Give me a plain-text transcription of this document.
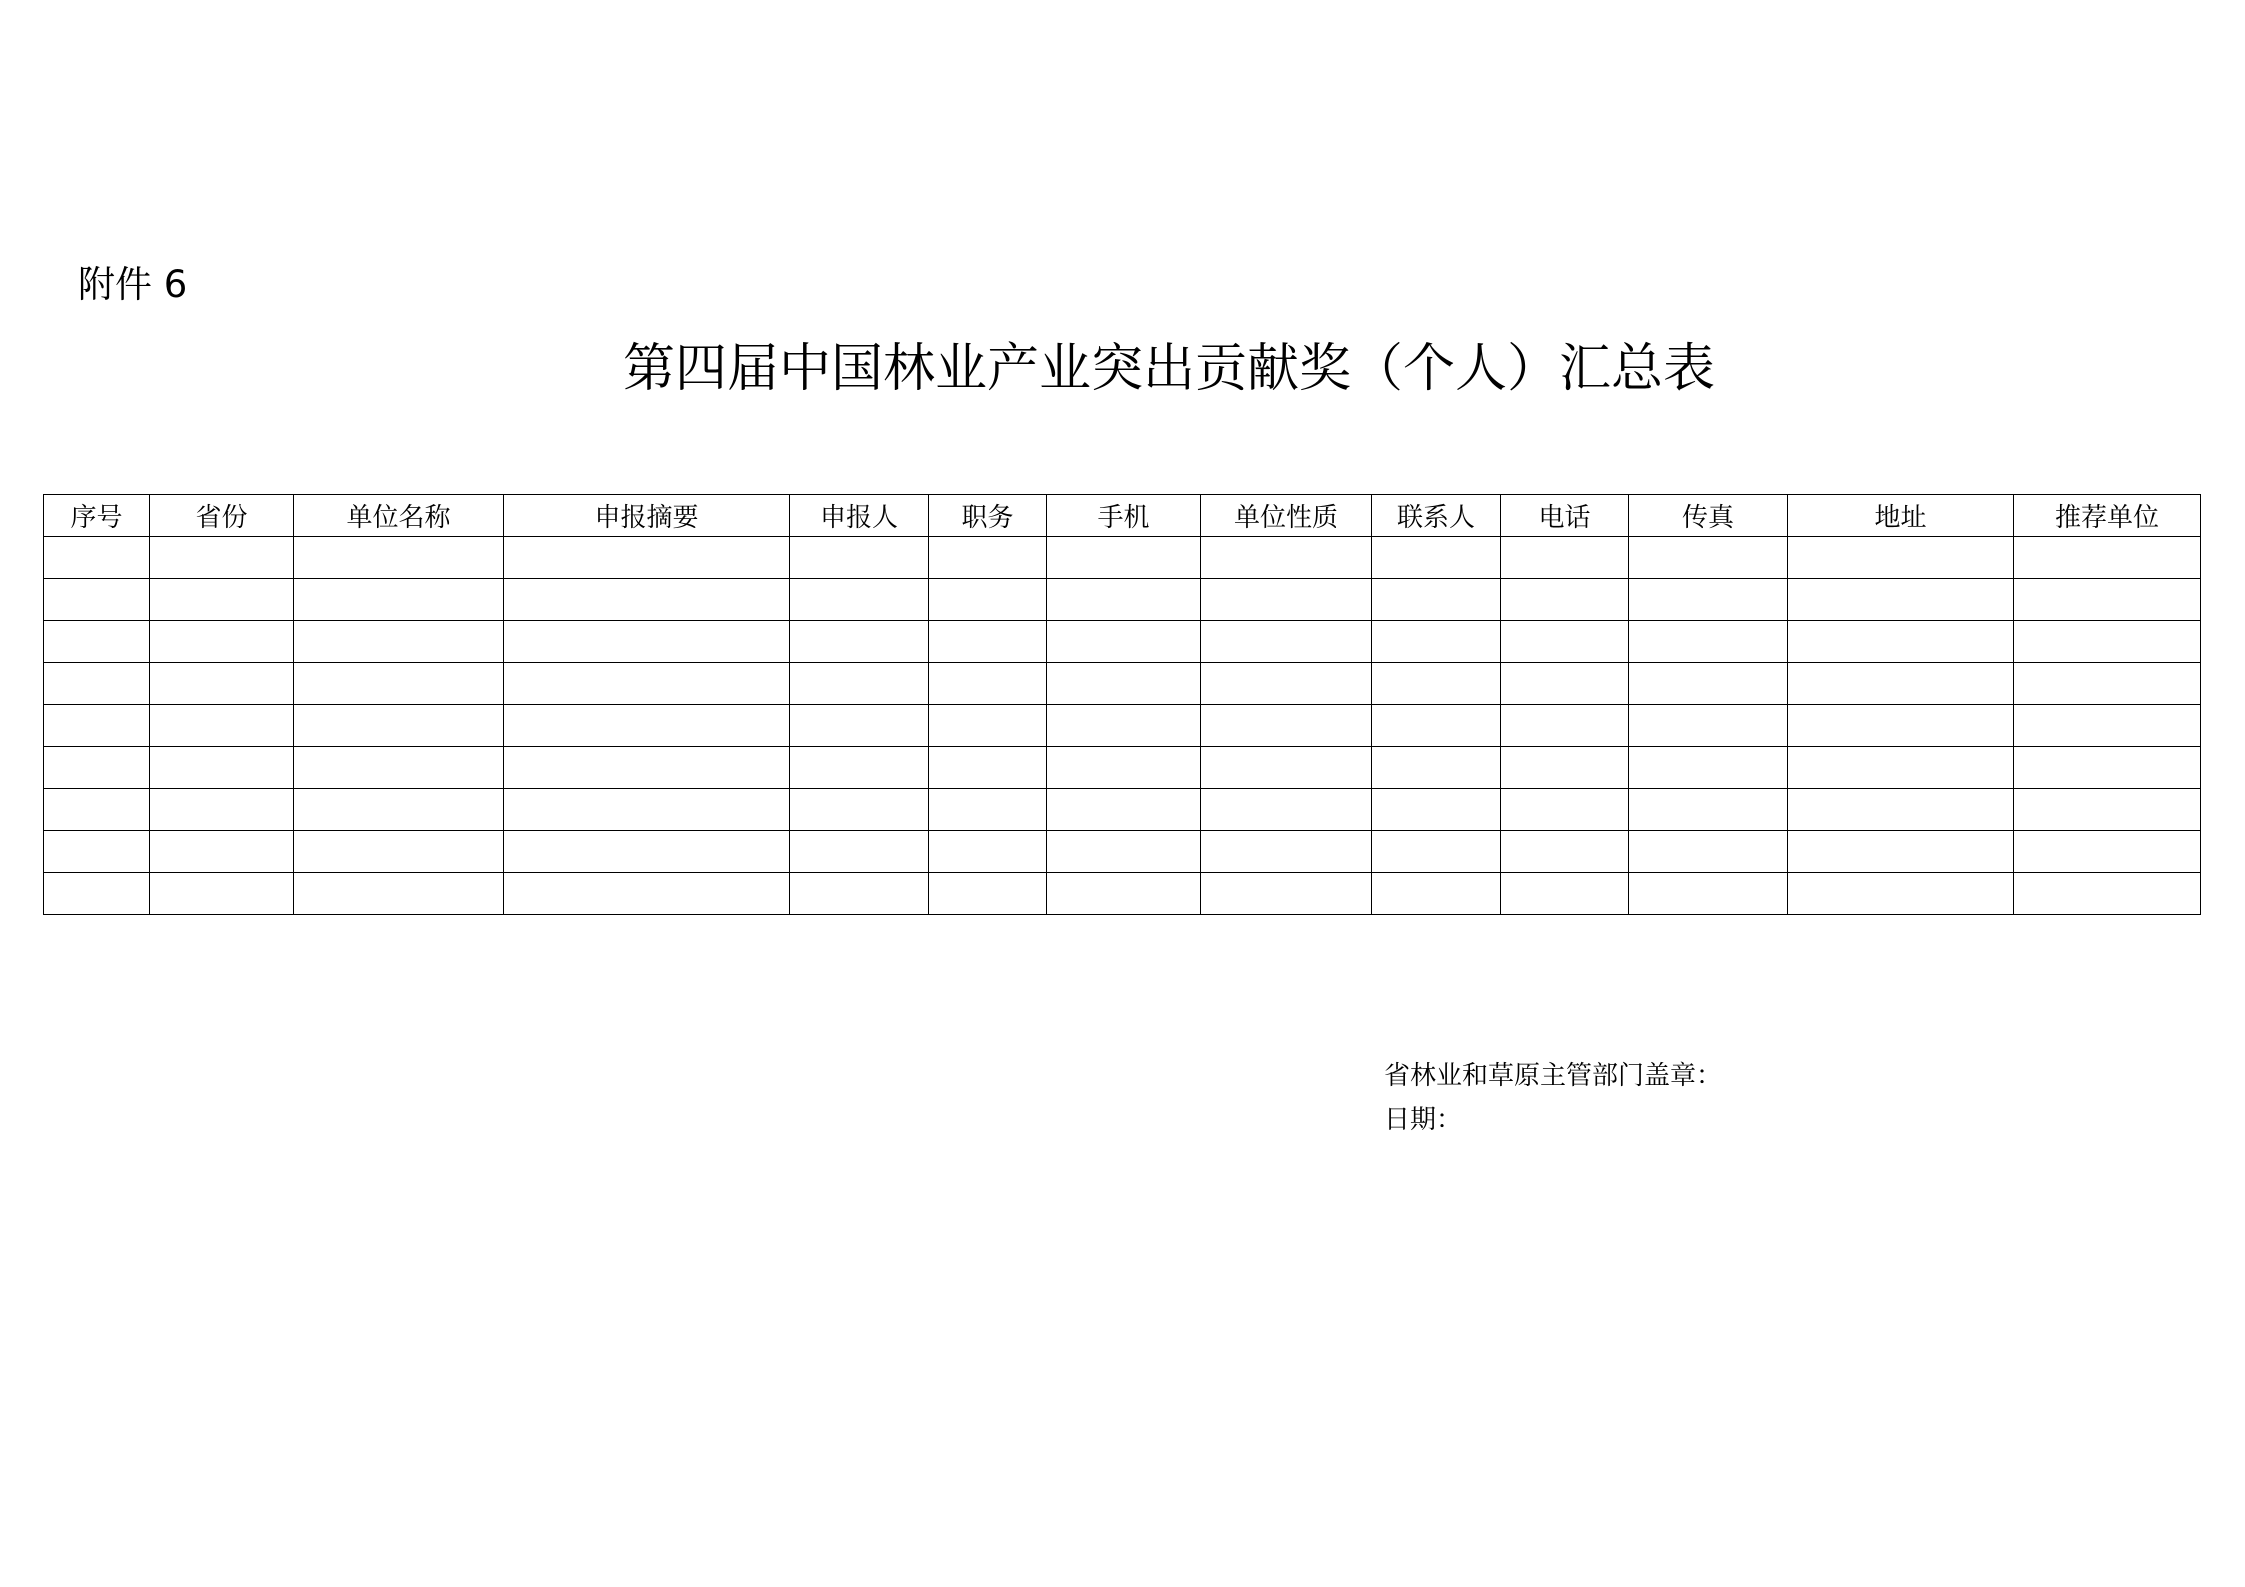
附件 6
第四届中国林业产业突出贡献奖（个人）汇总表
序号	省份	单位名称	申报摘要	申报人	职务	手机	单位性质	联系人	电话	传真	地址	推荐单位

省林业和草原主管部门盖章：
日期：
